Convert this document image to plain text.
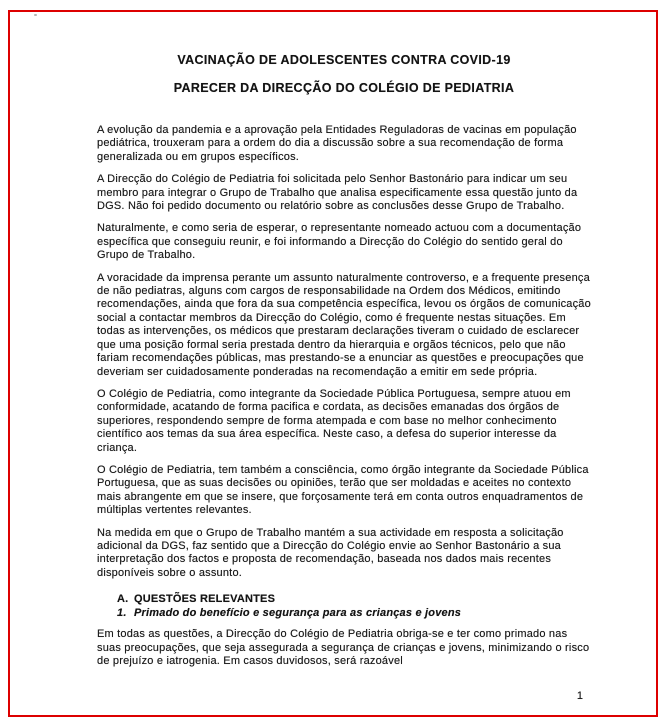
VACINAÇÃO DE ADOLESCENTES CONTRA COVID-19
PARECER DA DIRECÇÃO DO COLÉGIO DE PEDIATRIA

A evolução da pandemia e a aprovação pela Entidades Reguladoras de vacinas em população pediátrica, trouxeram para a ordem do dia a discussão sobre a sua recomendação de forma generalizada ou em grupos específicos.

A Direcção do Colégio de Pediatria foi solicitada pelo Senhor Bastonário para indicar um seu membro para integrar o Grupo de Trabalho que analisa especificamente essa questão junto da DGS. Não foi pedido documento ou relatório sobre as conclusões desse Grupo de Trabalho.

Naturalmente, e como seria de esperar, o representante nomeado actuou com a documentação específica que conseguiu reunir, e foi informando a Direcção do Colégio do sentido geral do Grupo de Trabalho.

A voracidade da imprensa perante um assunto naturalmente controverso, e a frequente presença de não pediatras, alguns com cargos de responsabilidade na Ordem dos Médicos, emitindo recomendações, ainda que fora da sua competência específica, levou os órgãos de comunicação social a contactar membros da Direcção do Colégio, como é frequente nestas situações. Em todas as intervenções, os médicos que prestaram declarações tiveram o cuidado de esclarecer que uma posição formal seria prestada dentro da hierarquia e orgãos técnicos, pelo que não fariam recomendações públicas, mas prestando-se a enunciar as questões e preocupações que deveriam ser cuidadosamente ponderadas na recomendação a emitir em sede própria.

O Colégio de Pediatria, como integrante da Sociedade Pública Portuguesa, sempre atuou em conformidade, acatando de forma pacifica e cordata, as decisões emanadas dos órgãos de superiores, respondendo sempre de forma atempada e com base no melhor conhecimento científico aos temas da sua área específica. Neste caso, a defesa do superior interesse da criança.

O Colégio de Pediatria, tem também a consciência, como órgão integrante da Sociedade Pública Portuguesa, que as suas decisões ou opiniões, terão que ser moldadas e aceites no contexto mais abrangente em que se insere, que forçosamente terá em conta outros enquadramentos de múltiplas vertentes relevantes.

Na medida em que o Grupo de Trabalho mantém a sua actividade em resposta a solicitação adicional da DGS, faz sentido que a Direcção do Colégio envie ao Senhor Bastonário a sua interpretação dos factos e proposta de recomendação, baseada nos dados mais recentes disponíveis sobre o assunto.

A. QUESTÕES RELEVANTES
1. Primado do benefício e segurança para as crianças e jovens

Em todas as questões, a Direcção do Colégio de Pediatria obriga-se e ter como primado nas suas preocupações, que seja assegurada a segurança de crianças e jovens, minimizando o risco de prejuízo e iatrogenia. Em casos duvidosos, será razoável

1
